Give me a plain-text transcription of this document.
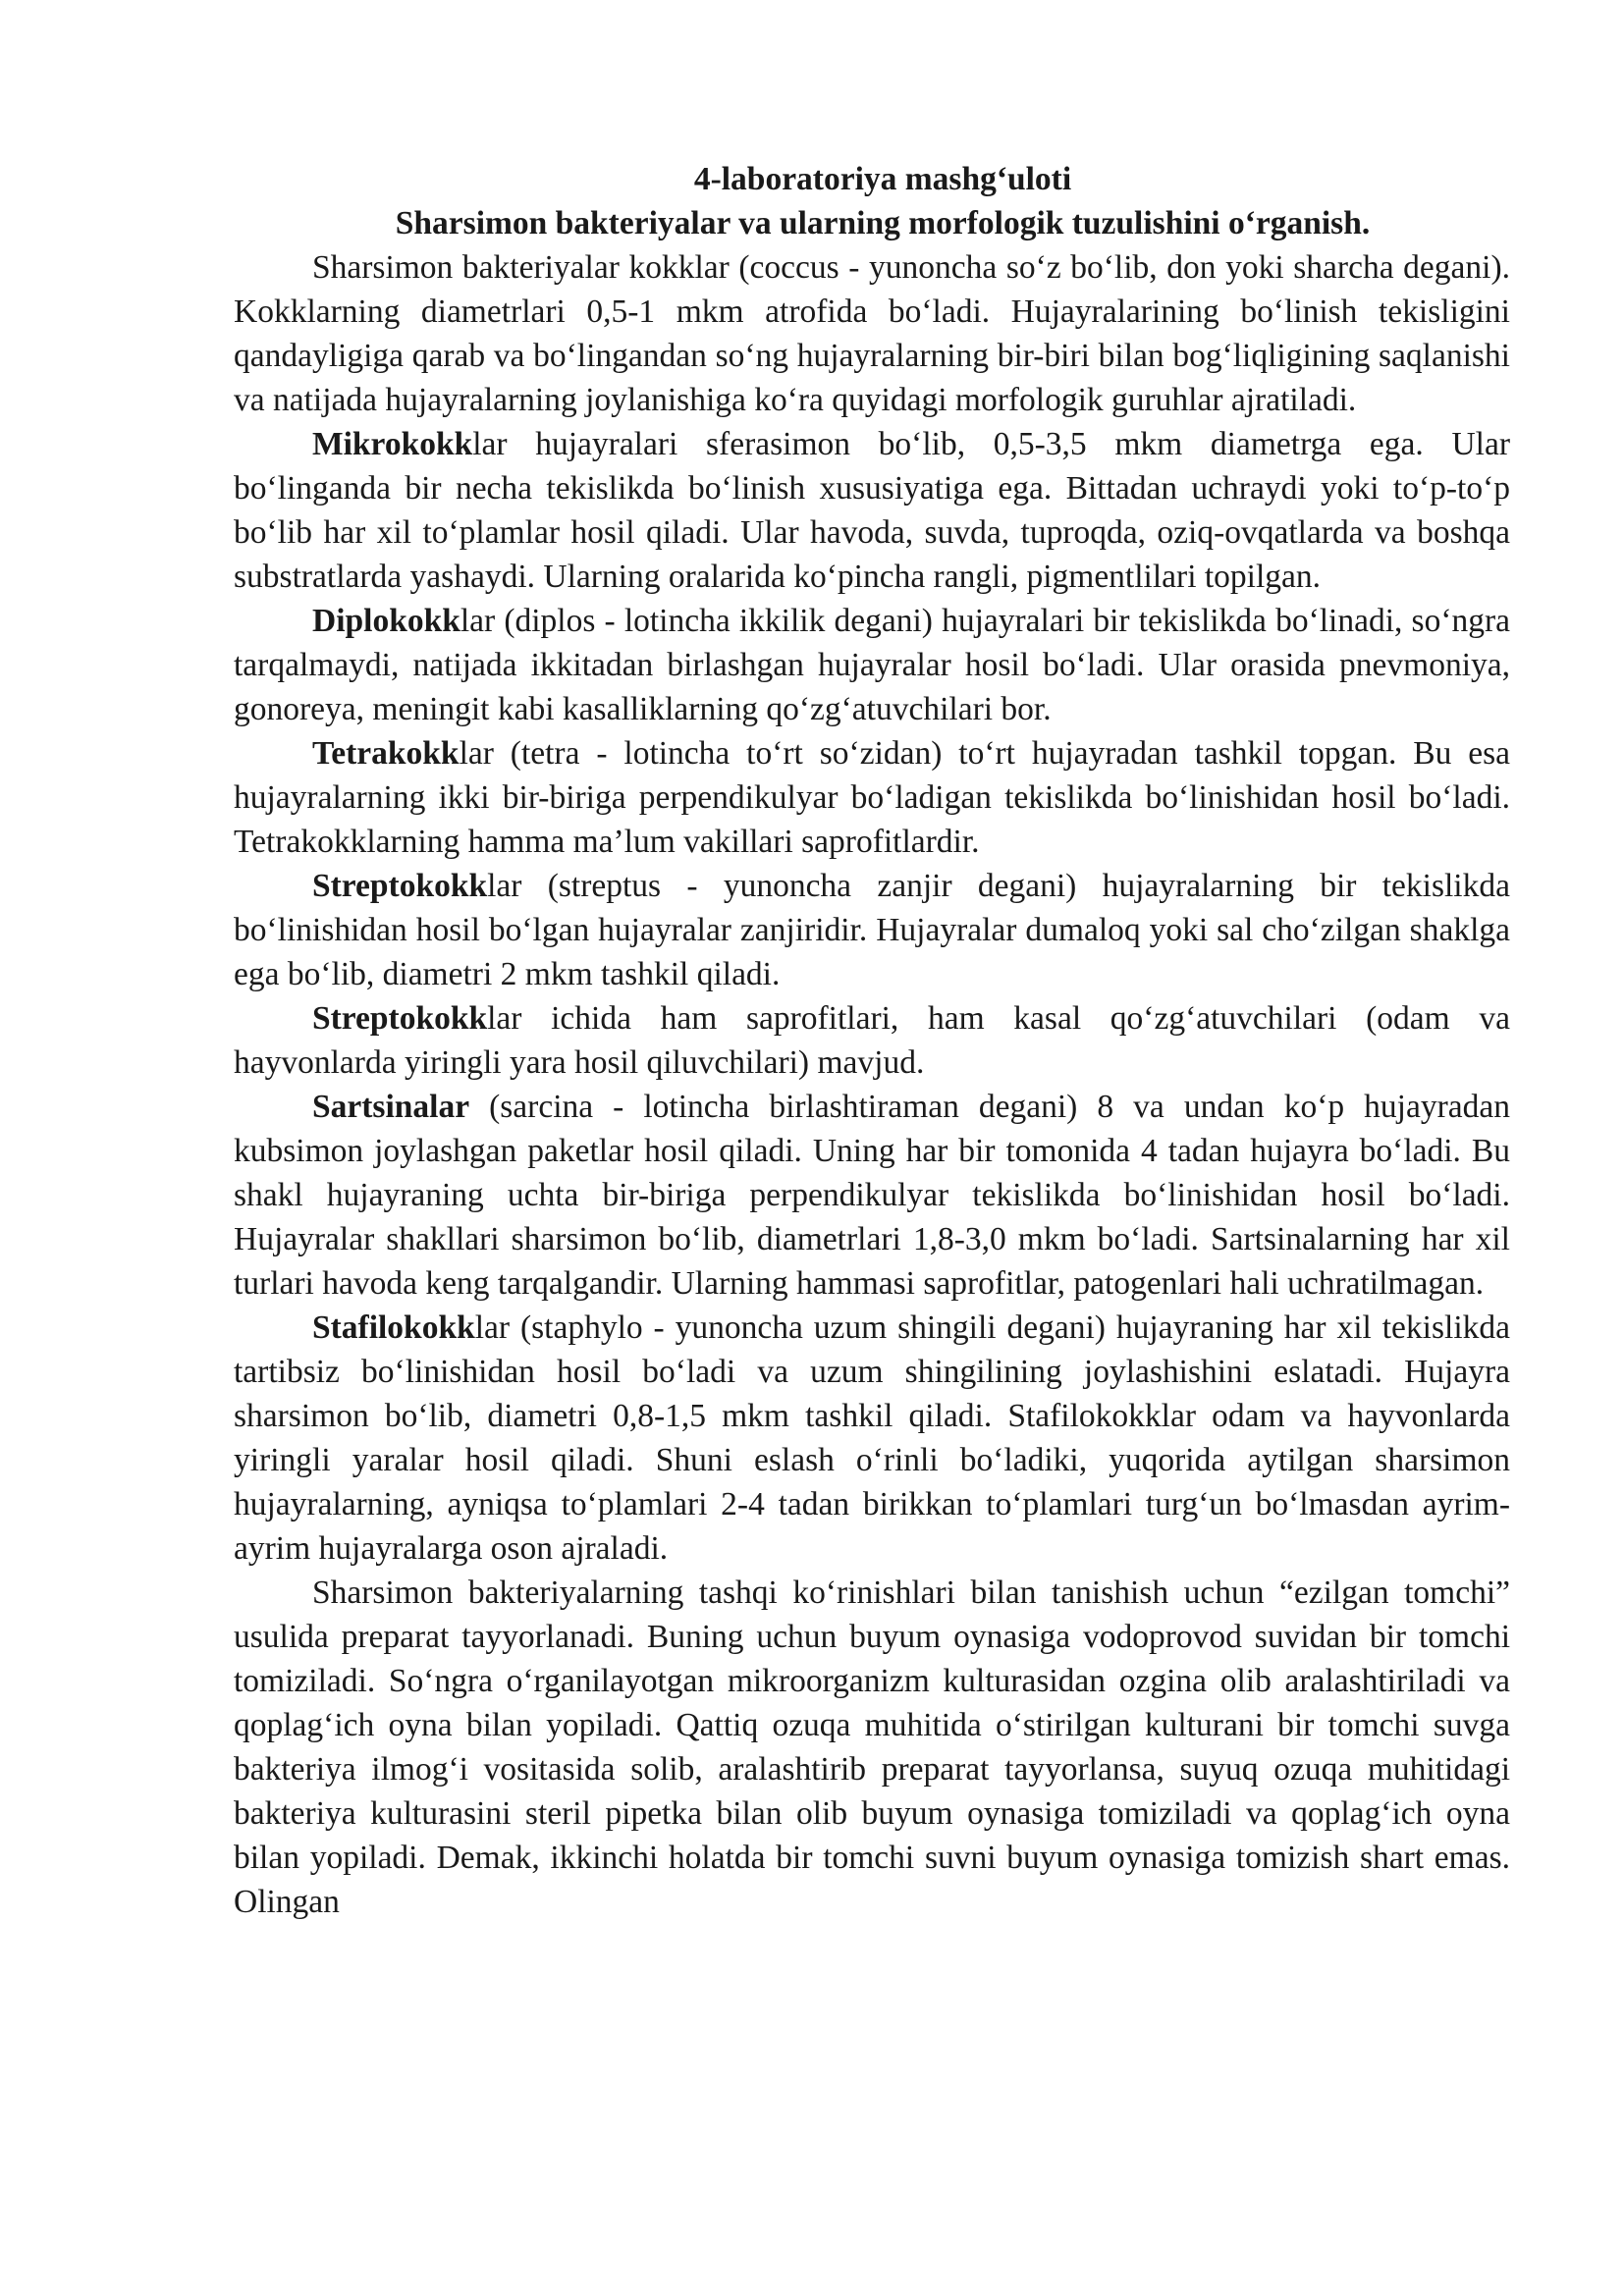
4-laboratoriya mashg‘uloti
Sharsimon bakteriyalar va ularning morfologik tuzulishini o‘rganish.

Sharsimon bakteriyalar kokklar (coccus - yunoncha so‘z bo‘lib, don yoki sharcha degani). Kokklarning diametrlari 0,5-1 mkm atrofida bo‘ladi. Hujayralarining bo‘linish tekisligini qandayligiga qarab va bo‘lingandan so‘ng hujayralarning bir-biri bilan bog‘liqligining saqlanishi va natijada hujayralarning joylanishiga ko‘ra quyidagi morfologik guruhlar ajratiladi.

Mikrokokklar hujayralari sferasimon bo‘lib, 0,5-3,5 mkm diametrga ega. Ular bo‘linganda bir necha tekislikda bo‘linish xususiyatiga ega. Bittadan uchraydi yoki to‘p-to‘p bo‘lib har xil to‘plamlar hosil qiladi. Ular havoda, suvda, tuproqda, oziq-ovqatlarda va boshqa substratlarda yashaydi. Ularning oralarida ko‘pincha rangli, pigmentlilari topilgan.

Diplokokklar (diplos - lotincha ikkilik degani) hujayralari bir tekislikda bo‘linadi, so‘ngra tarqalmaydi, natijada ikkitadan birlashgan hujayralar hosil bo‘ladi. Ular orasida pnevmoniya, gonoreya, meningit kabi kasalliklarning qo‘zg‘atuvchilari bor.

Tetrakokklar (tetra - lotincha to‘rt so‘zidan) to‘rt hujayradan tashkil topgan. Bu esa hujayralarning ikki bir-biriga perpendikulyar bo‘ladigan tekislikda bo‘linishidan hosil bo‘ladi. Tetrakokklarning hamma ma’lum vakillari saprofitlardir.

Streptokokklar (streptus - yunoncha zanjir degani) hujayralarning bir tekislikda bo‘linishidan hosil bo‘lgan hujayralar zanjiridir. Hujayralar dumaloq yoki sal cho‘zilgan shaklga ega bo‘lib, diametri 2 mkm tashkil qiladi.

Streptokokklar ichida ham saprofitlari, ham kasal qo‘zg‘atuvchilari (odam va hayvonlarda yiringli yara hosil qiluvchilari) mavjud.

Sartsinalar (sarcina - lotincha birlashtiraman degani) 8 va undan ko‘p hujayradan kubsimon joylashgan paketlar hosil qiladi. Uning har bir tomonida 4 tadan hujayra bo‘ladi. Bu shakl hujayraning uchta bir-biriga perpendikulyar tekislikda bo‘linishidan hosil bo‘ladi. Hujayralar shakllari sharsimon bo‘lib, diametrlari 1,8-3,0 mkm bo‘ladi. Sartsinalarning har xil turlari havoda keng tarqalgandir. Ularning hammasi saprofitlar, patogenlari hali uchratilmagan.

Stafilokokklar (staphylo - yunoncha uzum shingili degani) hujayraning har xil tekislikda tartibsiz bo‘linishidan hosil bo‘ladi va uzum shingilining joylashishini eslatadi. Hujayra sharsimon bo‘lib, diametri 0,8-1,5 mkm tashkil qiladi. Stafilokokklar odam va hayvonlarda yiringli yaralar hosil qiladi. Shuni eslash o‘rinli bo‘ladiki, yuqorida aytilgan sharsimon hujayralarning, ayniqsa to‘plamlari 2-4 tadan birikkan to‘plamlari turg‘un bo‘lmasdan ayrim-ayrim hujayralarga oson ajraladi.

Sharsimon bakteriyalarning tashqi ko‘rinishlari bilan tanishish uchun “ezilgan tomchi” usulida preparat tayyorlanadi. Buning uchun buyum oynasiga vodoprovod suvidan bir tomchi tomiziladi. So‘ngra o‘rganilayotgan mikroorganizm kulturasidan ozgina olib aralashtiriladi va qoplag‘ich oyna bilan yopiladi. Qattiq ozuqa muhitida o‘stirilgan kulturani bir tomchi suvga bakteriya ilmog‘i vositasida solib, aralashtirib preparat tayyorlansa, suyuq ozuqa muhitidagi bakteriya kulturasini steril pipetka bilan olib buyum oynasiga tomiziladi va qoplag‘ich oyna bilan yopiladi. Demak, ikkinchi holatda bir tomchi suvni buyum oynasiga tomizish shart emas. Olingan
